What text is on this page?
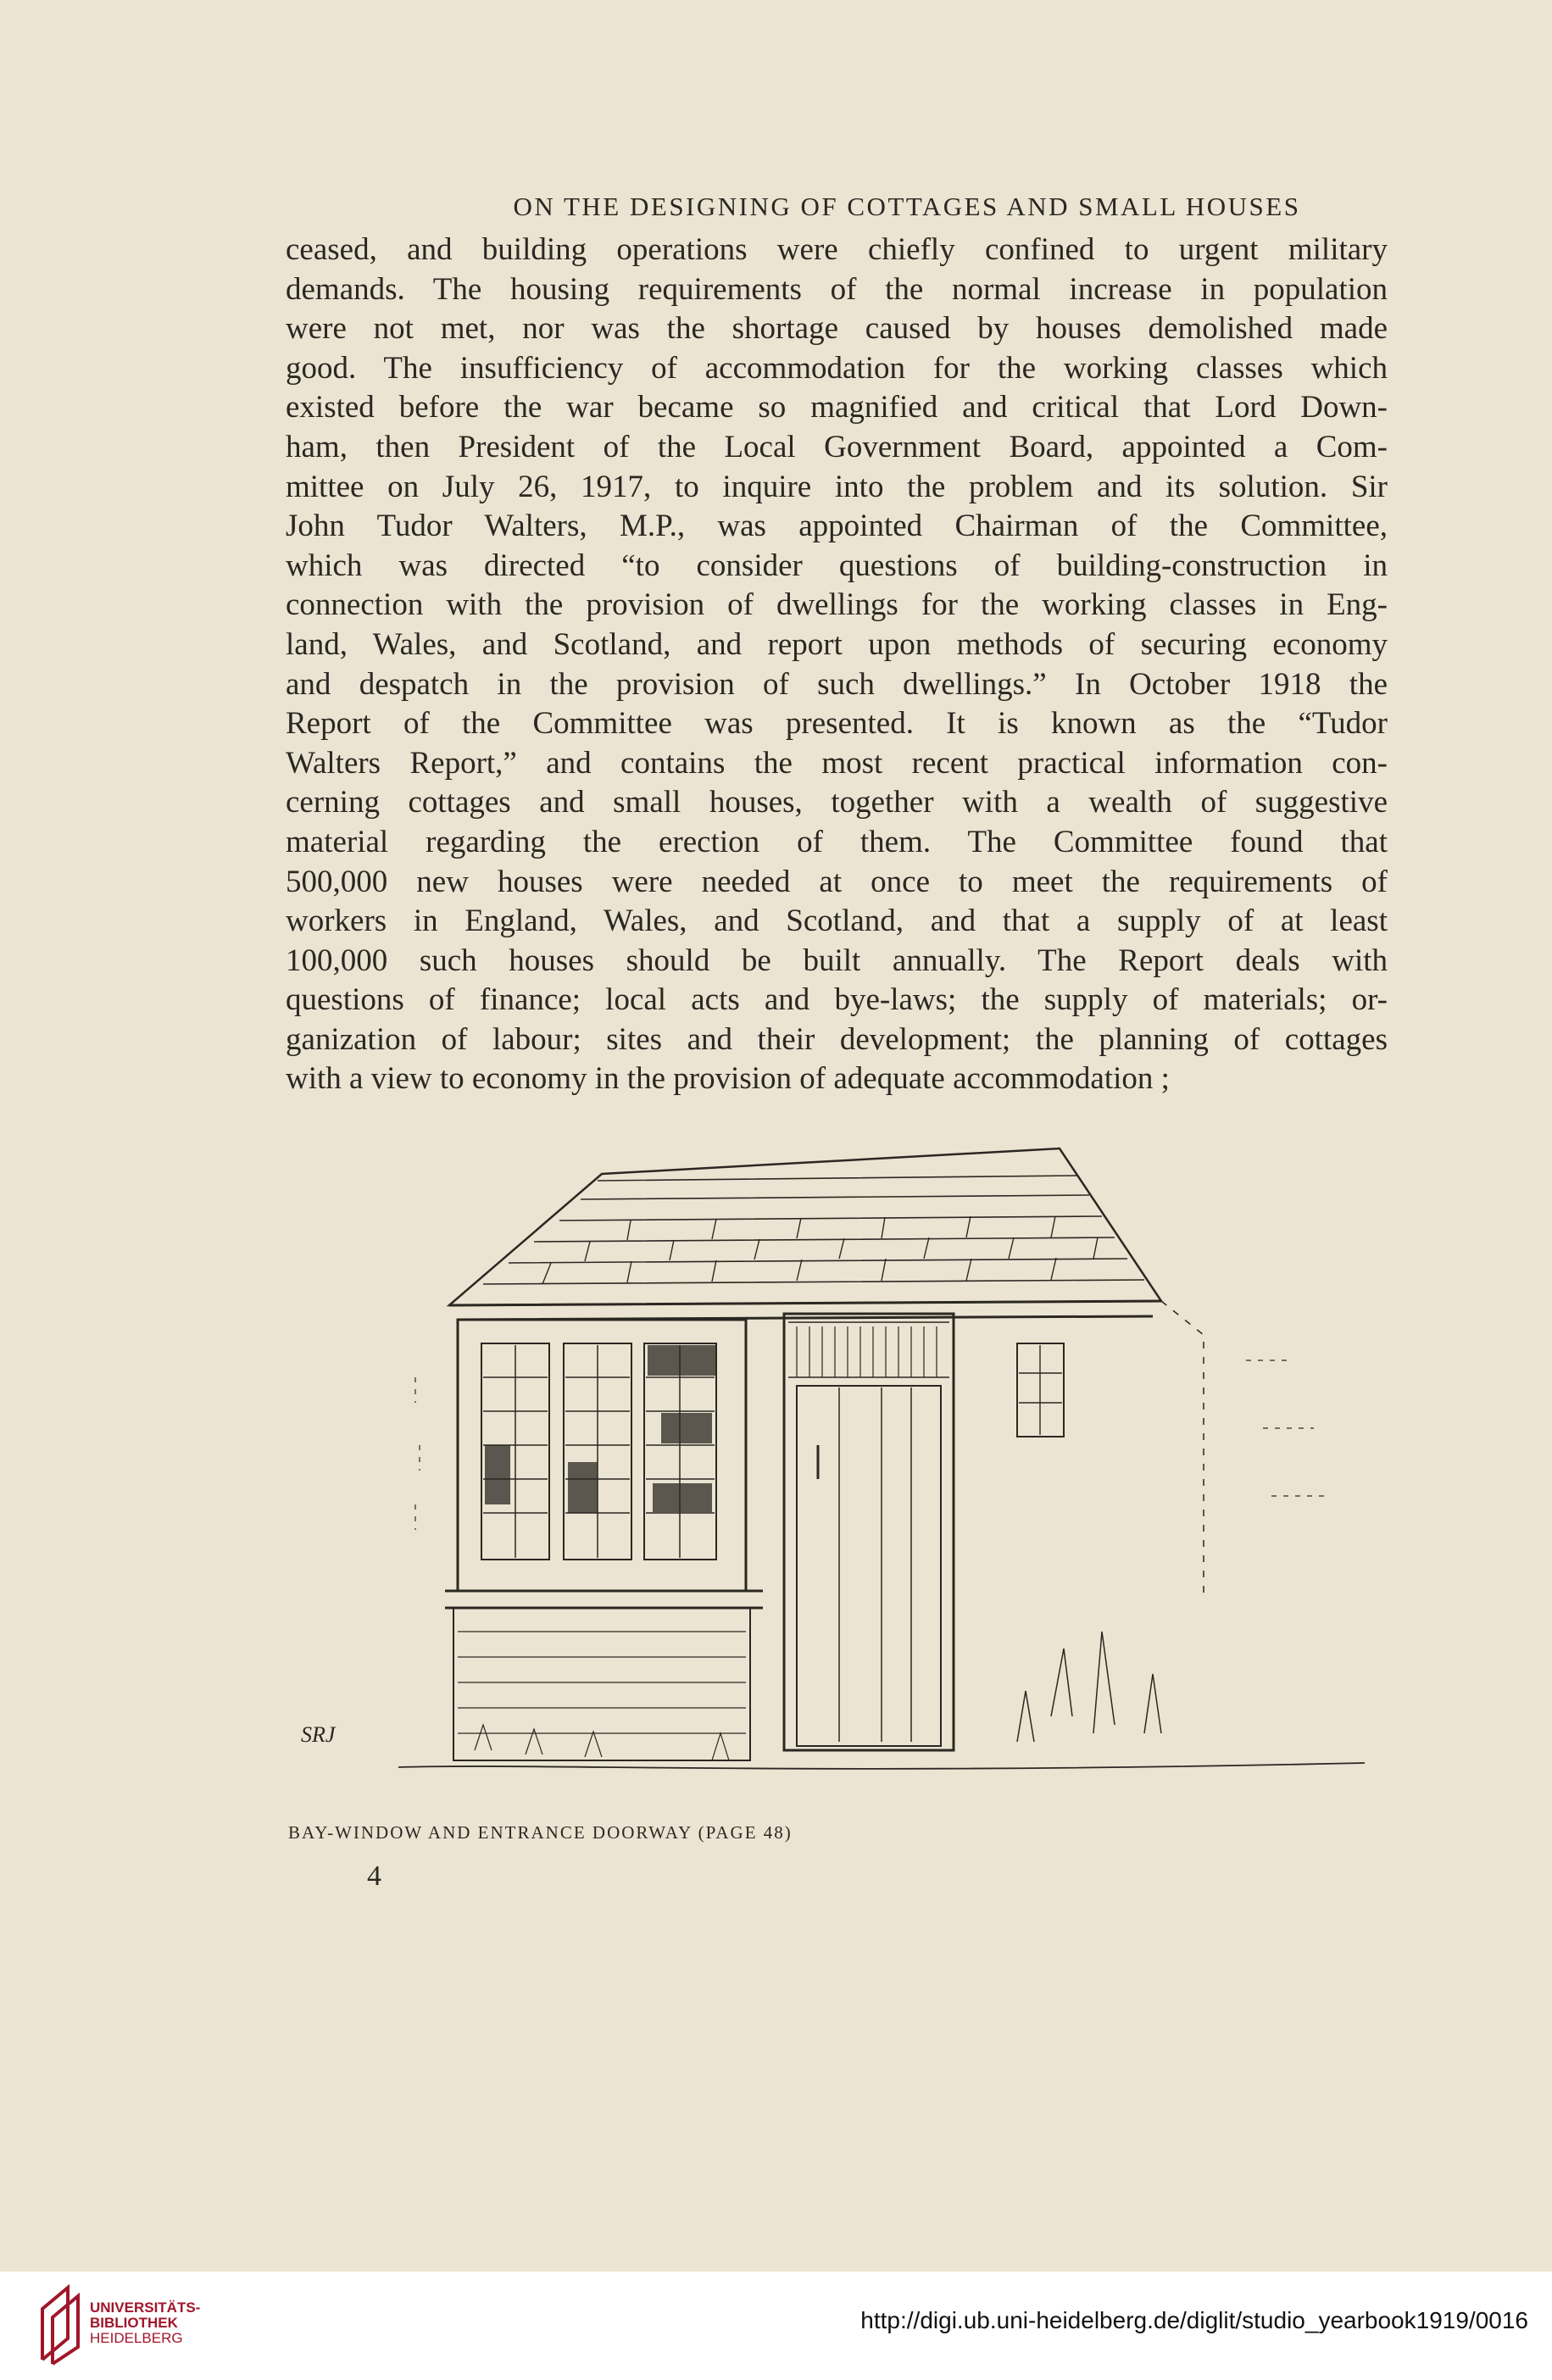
ON THE DESIGNING OF COTTAGES AND SMALL HOUSES
ceased, and building operations were chiefly confined to urgent military
demands. The housing requirements of the normal increase in population
were not met, nor was the shortage caused by houses demolished made
good. The insufficiency of accommodation for the working classes which
existed before the war became so magnified and critical that Lord Down-
ham, then President of the Local Government Board, appointed a Com-
mittee on July 26, 1917, to inquire into the problem and its solution. Sir
John Tudor Walters, M.P., was appointed Chairman of the Committee,
which was directed “to consider questions of building-construction in
connection with the provision of dwellings for the working classes in Eng-
land, Wales, and Scotland, and report upon methods of securing economy
and despatch in the provision of such dwellings.” In October 1918 the
Report of the Committee was presented. It is known as the “Tudor
Walters Report,” and contains the most recent practical information con-
cerning cottages and small houses, together with a wealth of suggestive
material regarding the erection of them. The Committee found that
500,000 new houses were needed at once to meet the requirements of
workers in England, Wales, and Scotland, and that a supply of at least
100,000 such houses should be built annually. The Report deals with
questions of finance; local acts and bye-laws; the supply of materials; or-
ganization of labour; sites and their development; the planning of cottages
with a view to economy in the provision of adequate accommodation ;
SRJ
BAY-WINDOW AND ENTRANCE DOORWAY (PAGE 48)
4
UNIVERSITÄTS-
BIBLIOTHEK
HEIDELBERG
http://digi.ub.uni-heidelberg.de/diglit/studio_yearbook1919/0016
